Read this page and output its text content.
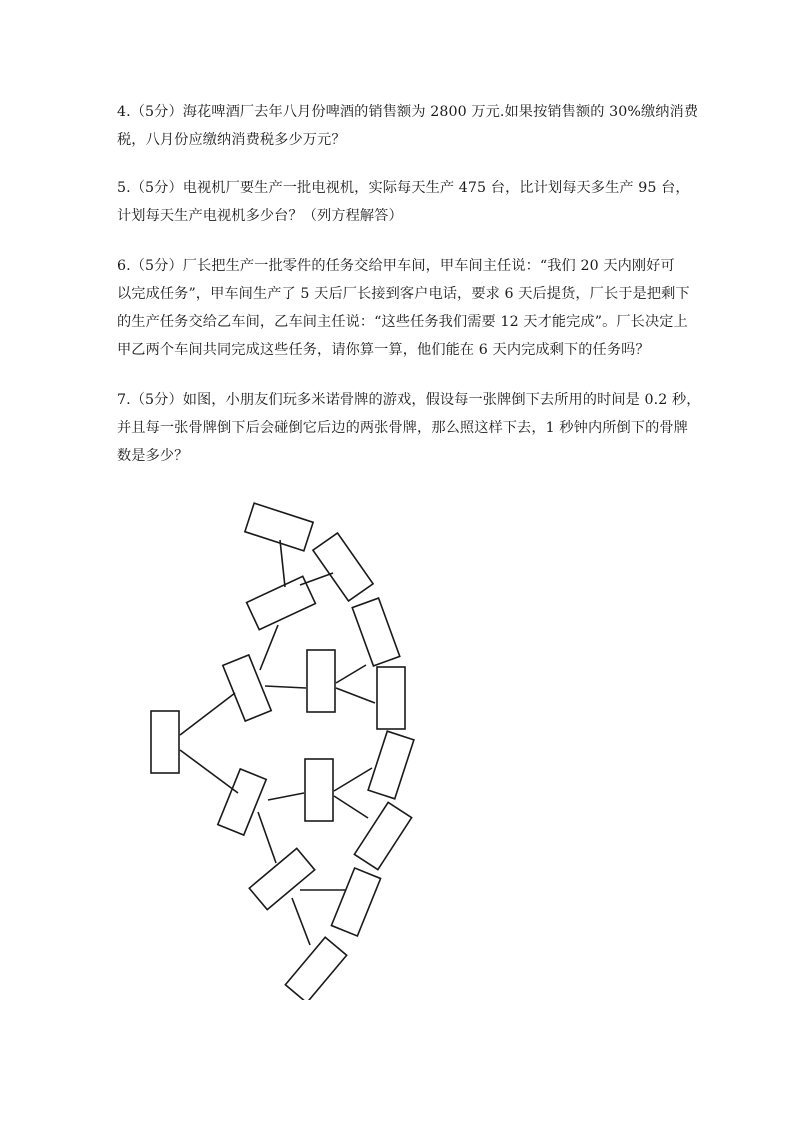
4.（5分）海花啤酒厂去年八月份啤酒的销售额为 2800 万元.如果按销售额的 30%缴纳消费

税，八月份应缴纳消费税多少万元？

5.（5分）电视机厂要生产一批电视机，实际每天生产 475 台，比计划每天多生产 95 台，

计划每天生产电视机多少台？（列方程解答）

6.（5分）厂长把生产一批零件的任务交给甲车间，甲车间主任说：“我们 20 天内刚好可

以完成任务”，甲车间生产了 5 天后厂长接到客户电话，要求 6 天后提货，厂长于是把剩下

的生产任务交给乙车间，乙车间主任说：“这些任务我们需要 12 天才能完成”。厂长决定上

甲乙两个车间共同完成这些任务，请你算一算，他们能在 6 天内完成剩下的任务吗？

7.（5分）如图，小朋友们玩多米诺骨牌的游戏，假设每一张牌倒下去所用的时间是 0.2 秒，

并且每一张骨牌倒下后会碰倒它后边的两张骨牌，那么照这样下去，1 秒钟内所倒下的骨牌

数是多少？
